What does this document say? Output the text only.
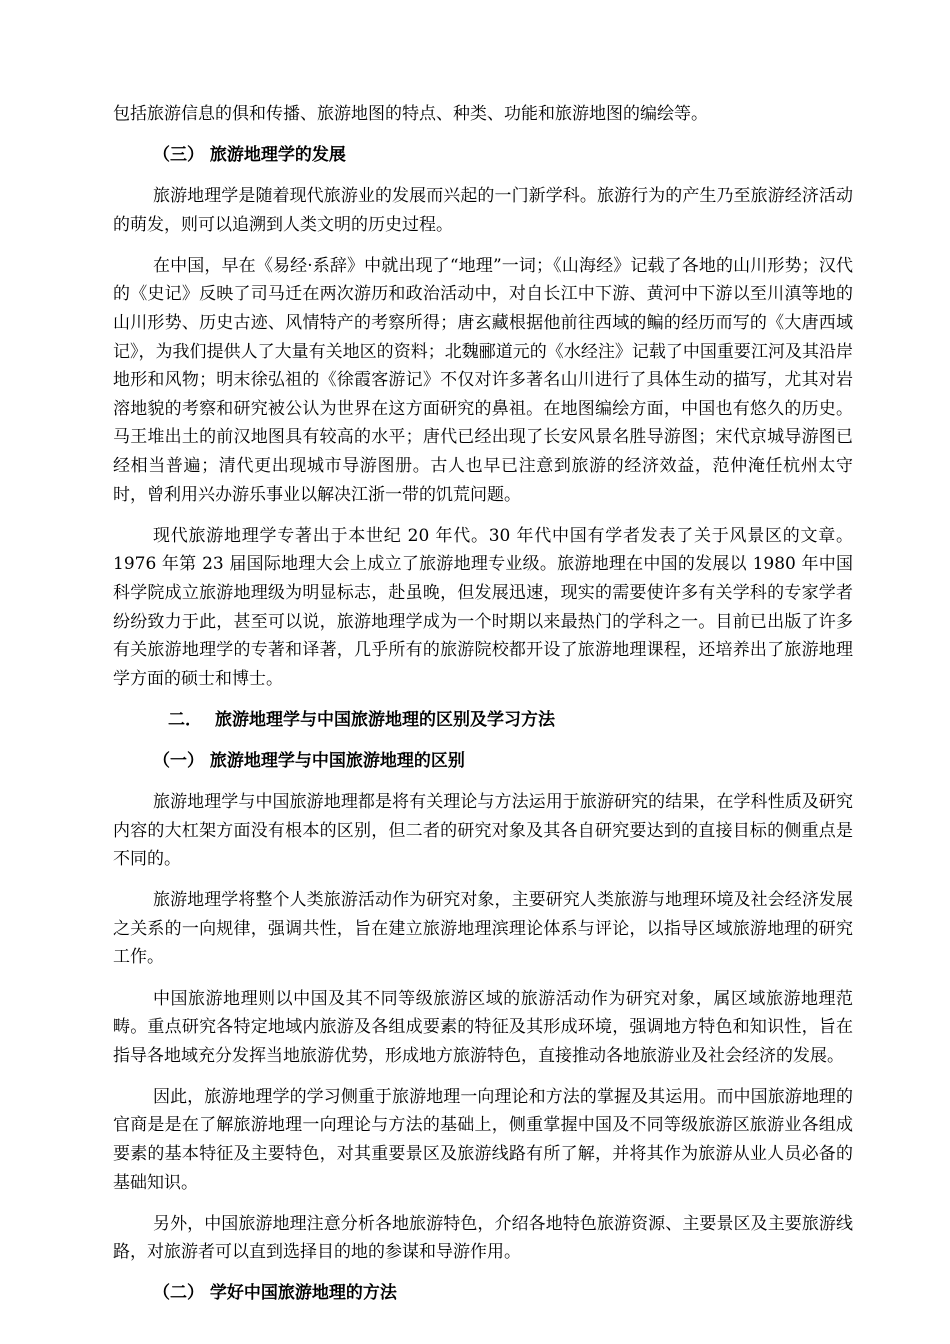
包括旅游信息的俱和传播、旅游地图的特点、种类、功能和旅游地图的编绘等。

（三） 旅游地理学的发展

旅游地理学是随着现代旅游业的发展而兴起的一门新学科。旅游行为的产生乃至旅游经济活动的萌发，则可以追溯到人类文明的历史过程。

在中国，早在《易经·系辞》中就出现了“地理”一词；《山海经》记载了各地的山川形势；汉代的《史记》反映了司马迁在两次游历和政治活动中，对自长江中下游、黄河中下游以至川滇等地的山川形势、历史古迹、风情特产的考察所得；唐玄藏根据他前往西域的鳊的经历而写的《大唐西域记》，为我们提供人了大量有关地区的资料；北魏郦道元的《水经注》记载了中国重要江河及其沿岸地形和风物；明末徐弘祖的《徐霞客游记》不仅对许多著名山川进行了具体生动的描写，尤其对岩溶地貌的考察和研究被公认为世界在这方面研究的鼻祖。在地图编绘方面，中国也有悠久的历史。马王堆出土的前汉地图具有较高的水平；唐代已经出现了长安风景名胜导游图；宋代京城导游图已经相当普遍；清代更出现城市导游图册。古人也早已注意到旅游的经济效益，范仲淹任杭州太守时，曾利用兴办游乐事业以解决江浙一带的饥荒问题。

现代旅游地理学专著出于本世纪 20 年代。30 年代中国有学者发表了关于风景区的文章。1976 年第 23 届国际地理大会上成立了旅游地理专业级。旅游地理在中国的发展以 1980 年中国科学院成立旅游地理级为明显标志，赴虽晚，但发展迅速，现实的需要使许多有关学科的专家学者纷纷致力于此，甚至可以说，旅游地理学成为一个时期以来最热门的学科之一。目前已出版了许多有关旅游地理学的专著和译著，几乎所有的旅游院校都开设了旅游地理课程，还培养出了旅游地理学方面的硕士和博士。

二． 旅游地理学与中国旅游地理的区别及学习方法

（一） 旅游地理学与中国旅游地理的区别

旅游地理学与中国旅游地理都是将有关理论与方法运用于旅游研究的结果，在学科性质及研究内容的大杠架方面没有根本的区别，但二者的研究对象及其各自研究要达到的直接目标的侧重点是不同的。

旅游地理学将整个人类旅游活动作为研究对象，主要研究人类旅游与地理环境及社会经济发展之关系的一向规律，强调共性，旨在建立旅游地理滨理论体系与评论，以指导区域旅游地理的研究工作。

中国旅游地理则以中国及其不同等级旅游区域的旅游活动作为研究对象，属区域旅游地理范畴。重点研究各特定地域内旅游及各组成要素的特征及其形成环境，强调地方特色和知识性，旨在指导各地域充分发挥当地旅游优势，形成地方旅游特色，直接推动各地旅游业及社会经济的发展。

因此，旅游地理学的学习侧重于旅游地理一向理论和方法的掌握及其运用。而中国旅游地理的官商是是在了解旅游地理一向理论与方法的基础上，侧重掌握中国及不同等级旅游区旅游业各组成要素的基本特征及主要特色，对其重要景区及旅游线路有所了解，并将其作为旅游从业人员必备的基础知识。

另外，中国旅游地理注意分析各地旅游特色，介绍各地特色旅游资源、主要景区及主要旅游线路，对旅游者可以直到选择目的地的参谋和导游作用。

（二） 学好中国旅游地理的方法
